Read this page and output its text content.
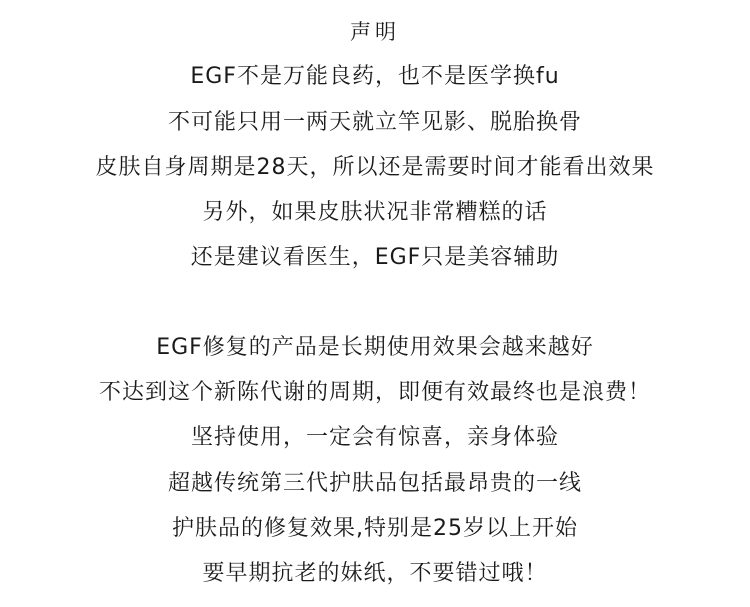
声明
EGF不是万能良药，也不是医学换fu
不可能只用一两天就立竿见影、脱胎换骨
皮肤自身周期是28天，所以还是需要时间才能看出效果
另外，如果皮肤状况非常糟糕的话
还是建议看医生，EGF只是美容辅助
EGF修复的产品是长期使用效果会越来越好
不达到这个新陈代谢的周期，即便有效最终也是浪费！
坚持使用，一定会有惊喜，亲身体验
超越传统第三代护肤品包括最昂贵的一线
护肤品的修复效果,特别是25岁以上开始
要早期抗老的妹纸，不要错过哦！
